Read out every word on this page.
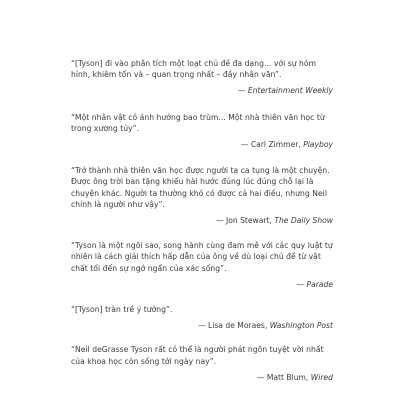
“[Tyson] đi vào phân tích một loạt chủ đề đa dạng... với sự hóm hỉnh, khiêm tốn và – quan trọng nhất – đầy nhân văn”.

— Entertainment Weekly

“Một nhân vật có ảnh hưởng bao trùm... Một nhà thiên văn học từ trong xương tủy”.

— Carl Zimmer, Playboy

“Trở thành nhà thiên văn học được người ta ca tụng là một chuyện. Được ông trời ban tặng khiếu hài hước đúng lúc đúng chỗ lại là chuyện khác. Người ta thường khó có được cả hai điều, nhưng Neil chính là người như vậy”.

— Jon Stewart, The Daily Show

“Tyson là một ngôi sao, song hành cùng đam mê với các quy luật tự nhiên là cách giải thích hấp dẫn của ông về dù loại chủ đề từ vật chất tối đến sự ngớ ngẩn của xác sống”.

— Parade

“[Tyson] tràn trề ý tưởng”.

— Lisa de Moraes, Washington Post

“Neil deGrasse Tyson rất có thể là người phát ngôn tuyệt vời nhất của khoa học còn sống tới ngày nay”.

— Matt Blum, Wired
